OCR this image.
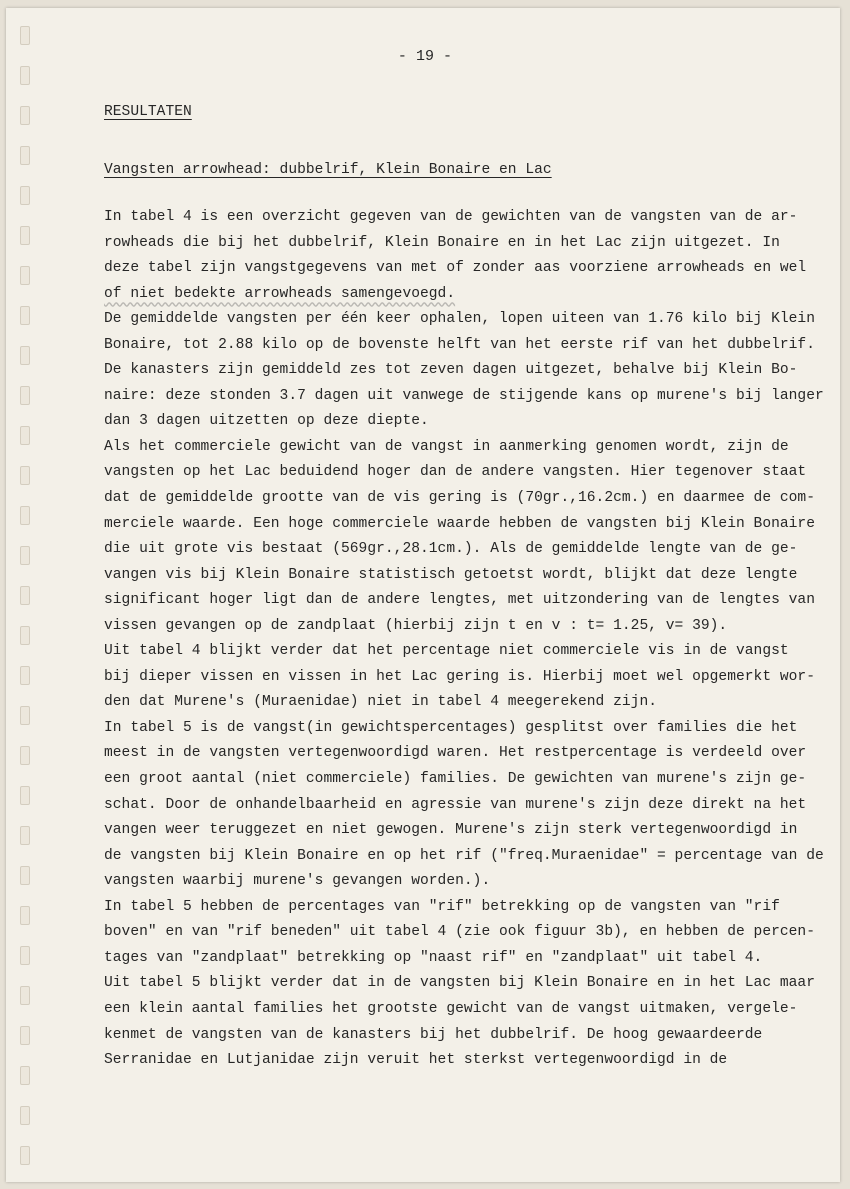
- 19 -
RESULTATEN
Vangsten arrowhead: dubbelrif, Klein Bonaire en Lac
In tabel 4 is een overzicht gegeven van de gewichten van de vangsten van de ar-
rowheads die bij het dubbelrif, Klein Bonaire en in het Lac zijn uitgezet. In
deze tabel zijn vangstgegevens van met of zonder aas voorziene arrowheads en wel
of niet bedekte arrowheads samengevoegd.
De gemiddelde vangsten per één keer ophalen, lopen uiteen van 1.76 kilo bij Klein
Bonaire, tot 2.88 kilo op de bovenste helft van het eerste rif van het dubbelrif.
De kanasters zijn gemiddeld zes tot zeven dagen uitgezet, behalve bij Klein Bo-
naire: deze stonden 3.7 dagen uit vanwege de stijgende kans op murene's bij langer
dan 3 dagen uitzetten op deze diepte.
Als het commerciele gewicht van de vangst in aanmerking genomen wordt, zijn de
vangsten op het Lac beduidend hoger dan de andere vangsten. Hier tegenover staat
dat de gemiddelde grootte van de vis gering is (70gr.,16.2cm.) en daarmee de com-
merciele waarde. Een hoge commerciele waarde hebben de vangsten bij Klein Bonaire
die uit grote vis bestaat (569gr.,28.1cm.). Als de gemiddelde lengte van de ge-
vangen vis bij Klein Bonaire statistisch getoetst wordt, blijkt dat deze lengte
significant hoger ligt dan de andere lengtes, met uitzondering van de lengtes van
vissen gevangen op de zandplaat (hierbij zijn t en v : t= 1.25, v= 39).
Uit tabel 4 blijkt verder dat het percentage niet commerciele vis in de vangst
bij dieper vissen en vissen in het Lac gering is. Hierbij moet wel opgemerkt wor-
den dat Murene's (Muraenidae) niet in tabel 4 meegerekend zijn.
In tabel 5 is de vangst(in gewichtspercentages) gesplitst over families die het
meest in de vangsten vertegenwoordigd waren. Het restpercentage is verdeeld over
een groot aantal (niet commerciele) families. De gewichten van murene's zijn ge-
schat. Door de onhandelbaarheid en agressie van murene's zijn deze direkt na het
vangen weer teruggezet en niet gewogen. Murene's zijn sterk vertegenwoordigd in
de vangsten bij Klein Bonaire en op het rif ("freq.Muraenidae" = percentage van de
vangsten waarbij murene's gevangen worden.).
In tabel 5 hebben de percentages van "rif" betrekking op de vangsten van "rif
boven" en van "rif beneden" uit tabel 4 (zie ook figuur 3b), en hebben de percen-
tages van "zandplaat" betrekking op "naast rif" en "zandplaat" uit tabel 4.
Uit tabel 5 blijkt verder dat in de vangsten bij Klein Bonaire en in het Lac maar
een klein aantal families het grootste gewicht van de vangst uitmaken, vergele-
kenmet de vangsten van de kanasters bij het dubbelrif. De hoog gewaardeerde
Serranidae en Lutjanidae zijn veruit het sterkst vertegenwoordigd in de
